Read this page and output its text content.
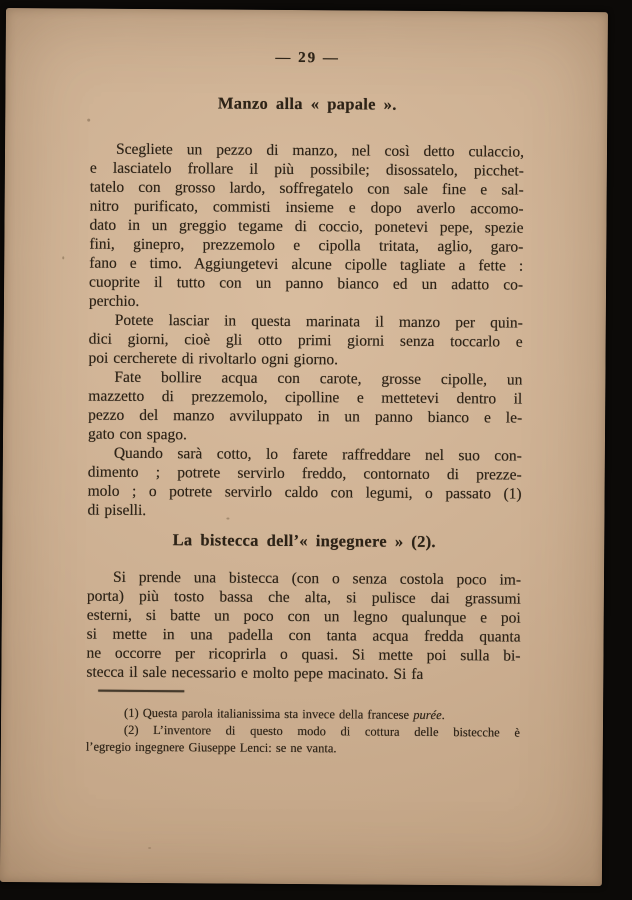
— 29 —
Manzo alla « papale ».
Scegliete un pezzo di manzo, nel così detto culaccio,
e lasciatelo frollare il più possibile; disossatelo, picchet-
tatelo con grosso lardo, soffregatelo con sale fine e sal-
nitro purificato, commisti insieme e dopo averlo accomo-
dato in un greggio tegame di coccio, ponetevi pepe, spezie
fini, ginepro, prezzemolo e cipolla tritata, aglio, garo-
fano e timo. Aggiungetevi alcune cipolle tagliate a fette :
cuoprite il tutto con un panno bianco ed un adatto co-
perchio.
Potete lasciar in questa marinata il manzo per quin-
dici giorni, cioè gli otto primi giorni senza toccarlo e
poi cercherete di rivoltarlo ogni giorno.
Fate bollire acqua con carote, grosse cipolle, un
mazzetto di prezzemolo, cipolline e mettetevi dentro il
pezzo del manzo avviluppato in un panno bianco e le-
gato con spago.
Quando sarà cotto, lo farete raffreddare nel suo con-
dimento ; potrete servirlo freddo, contornato di prezze-
molo ; o potrete servirlo caldo con legumi, o passato (1)
di piselli.
La bistecca dell’« ingegnere » (2).
Si prende una bistecca (con o senza costola poco im-
porta) più tosto bassa che alta, si pulisce dai grassumi
esterni, si batte un poco con un legno qualunque e poi
si mette in una padella con tanta acqua fredda quanta
ne occorre per ricoprirla o quasi. Si mette poi sulla bi-
stecca il sale necessario e molto pepe macinato. Si fa
(1) Questa parola italianissima sta invece della francese purée.
(2) L’inventore di questo modo di cottura delle bistecche è
l’egregio ingegnere Giuseppe Lenci: se ne vanta.
